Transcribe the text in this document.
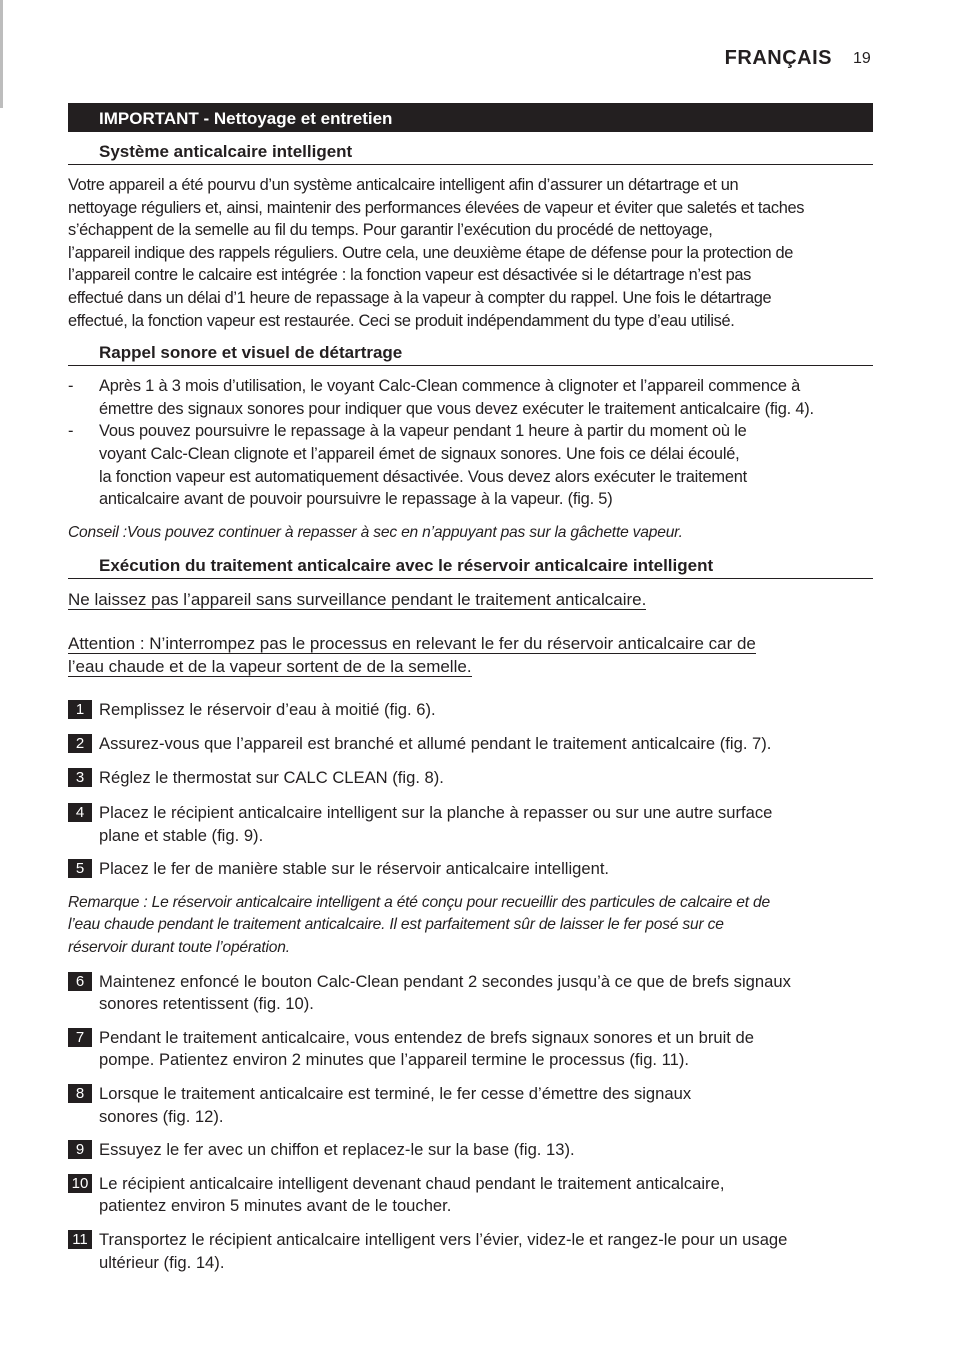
FRANÇAIS 19
IMPORTANT - Nettoyage et entretien
Système anticalcaire intelligent
Votre appareil a été pourvu d’un système anticalcaire intelligent afin d’assurer un détartrage et un
nettoyage réguliers et, ainsi, maintenir des performances élevées de vapeur et éviter que saletés et taches
s’échappent de la semelle au fil du temps. Pour garantir l’exécution du procédé de nettoyage,
l’appareil indique des rappels réguliers. Outre cela, une deuxième étape de défense pour la protection de
l’appareil contre le calcaire est intégrée : la fonction vapeur est désactivée si le détartrage n’est pas
effectué dans un délai d’1 heure de repassage à la vapeur à compter du rappel. Une fois le détartrage
effectué, la fonction vapeur est restaurée. Ceci se produit indépendamment du type d’eau utilisé.
Rappel sonore et visuel de détartrage
- Après 1 à 3 mois d’utilisation, le voyant Calc-Clean commence à clignoter et l’appareil commence à
émettre des signaux sonores pour indiquer que vous devez exécuter le traitement anticalcaire (fig. 4).
- Vous pouvez poursuivre le repassage à la vapeur pendant 1 heure à partir du moment où le
voyant Calc-Clean clignote et l’appareil émet de signaux sonores. Une fois ce délai écoulé,
la fonction vapeur est automatiquement désactivée. Vous devez alors exécuter le traitement
anticalcaire avant de pouvoir poursuivre le repassage à la vapeur. (fig. 5)
Conseil :Vous pouvez continuer à repasser à sec en n’appuyant pas sur la gâchette vapeur.
Exécution du traitement anticalcaire avec le réservoir anticalcaire intelligent
Ne laissez pas l’appareil sans surveillance pendant le traitement anticalcaire.
Attention : N’interrompez pas le processus en relevant le fer du réservoir anticalcaire car de
l’eau chaude et de la vapeur sortent de de la semelle.
1 Remplissez le réservoir d’eau à moitié (fig. 6).
2 Assurez-vous que l’appareil est branché et allumé pendant le traitement anticalcaire (fig. 7).
3 Réglez le thermostat sur CALC CLEAN (fig. 8).
4 Placez le récipient anticalcaire intelligent sur la planche à repasser ou sur une autre surface
plane et stable (fig. 9).
5 Placez le fer de manière stable sur le réservoir anticalcaire intelligent.
Remarque : Le réservoir anticalcaire intelligent a été conçu pour recueillir des particules de calcaire et de
l’eau chaude pendant le traitement anticalcaire. Il est parfaitement sûr de laisser le fer posé sur ce
réservoir durant toute l’opération.
6 Maintenez enfoncé le bouton Calc-Clean pendant 2 secondes jusqu’à ce que de brefs signaux
sonores retentissent (fig. 10).
7 Pendant le traitement anticalcaire, vous entendez de brefs signaux sonores et un bruit de
pompe. Patientez environ 2 minutes que l’appareil termine le processus (fig. 11).
8 Lorsque le traitement anticalcaire est terminé, le fer cesse d’émettre des signaux
sonores (fig. 12).
9 Essuyez le fer avec un chiffon et replacez-le sur la base (fig. 13).
10 Le récipient anticalcaire intelligent devenant chaud pendant le traitement anticalcaire,
patientez environ 5 minutes avant de le toucher.
11 Transportez le récipient anticalcaire intelligent vers l’évier, videz-le et rangez-le pour un usage
ultérieur (fig. 14).
